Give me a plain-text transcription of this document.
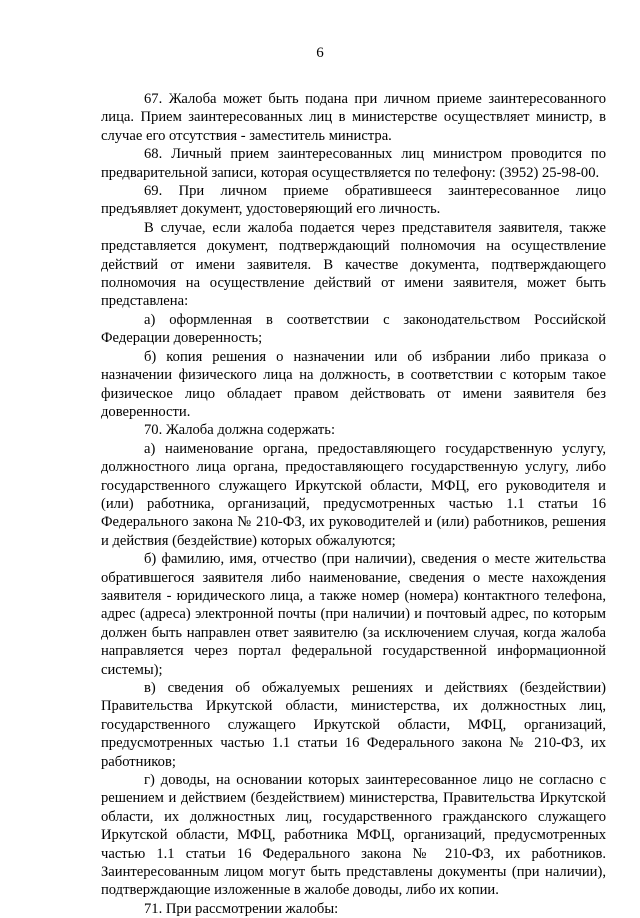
6

67. Жалоба может быть подана при личном приеме заинтересованного лица. Прием заинтересованных лиц в министерстве осуществляет министр, в случае его отсутствия - заместитель министра.

68. Личный прием заинтересованных лиц министром проводится по предварительной записи, которая осуществляется по телефону: (3952) 25-98-00.

69. При личном приеме обратившееся заинтересованное лицо предъявляет документ, удостоверяющий его личность.

В случае, если жалоба подается через представителя заявителя, также представляется документ, подтверждающий полномочия на осуществление действий от имени заявителя. В качестве документа, подтверждающего полномочия на осуществление действий от имени заявителя, может быть представлена:

а) оформленная в соответствии с законодательством Российской Федерации доверенность;

б) копия решения о назначении или об избрании либо приказа о назначении физического лица на должность, в соответствии с которым такое физическое лицо обладает правом действовать от имени заявителя без доверенности.

70. Жалоба должна содержать:

а) наименование органа, предоставляющего государственную услугу, должностного лица органа, предоставляющего государственную услугу, либо государственного служащего Иркутской области, МФЦ, его руководителя и (или) работника, организаций, предусмотренных частью 1.1 статьи 16 Федерального закона № 210-ФЗ, их руководителей и (или) работников, решения и действия (бездействие) которых обжалуются;

б) фамилию, имя, отчество (при наличии), сведения о месте жительства обратившегося заявителя либо наименование, сведения о месте нахождения заявителя - юридического лица, а также номер (номера) контактного телефона, адрес (адреса) электронной почты (при наличии) и почтовый адрес, по которым должен быть направлен ответ заявителю (за исключением случая, когда жалоба направляется через портал федеральной государственной информационной системы);

в) сведения об обжалуемых решениях и действиях (бездействии) Правительства Иркутской области, министерства, их должностных лиц, государственного служащего Иркутской области, МФЦ, организаций, предусмотренных частью 1.1 статьи 16 Федерального закона № 210-ФЗ, их работников;

г) доводы, на основании которых заинтересованное лицо не согласно с решением и действием (бездействием) министерства, Правительства Иркутской области, их должностных лиц, государственного гражданского служащего Иркутской области, МФЦ, работника МФЦ, организаций, предусмотренных частью 1.1 статьи 16 Федерального закона № 210-ФЗ, их работников. Заинтересованным лицом могут быть представлены документы (при наличии), подтверждающие изложенные в жалобе доводы, либо их копии.

71. При рассмотрении жалобы:
